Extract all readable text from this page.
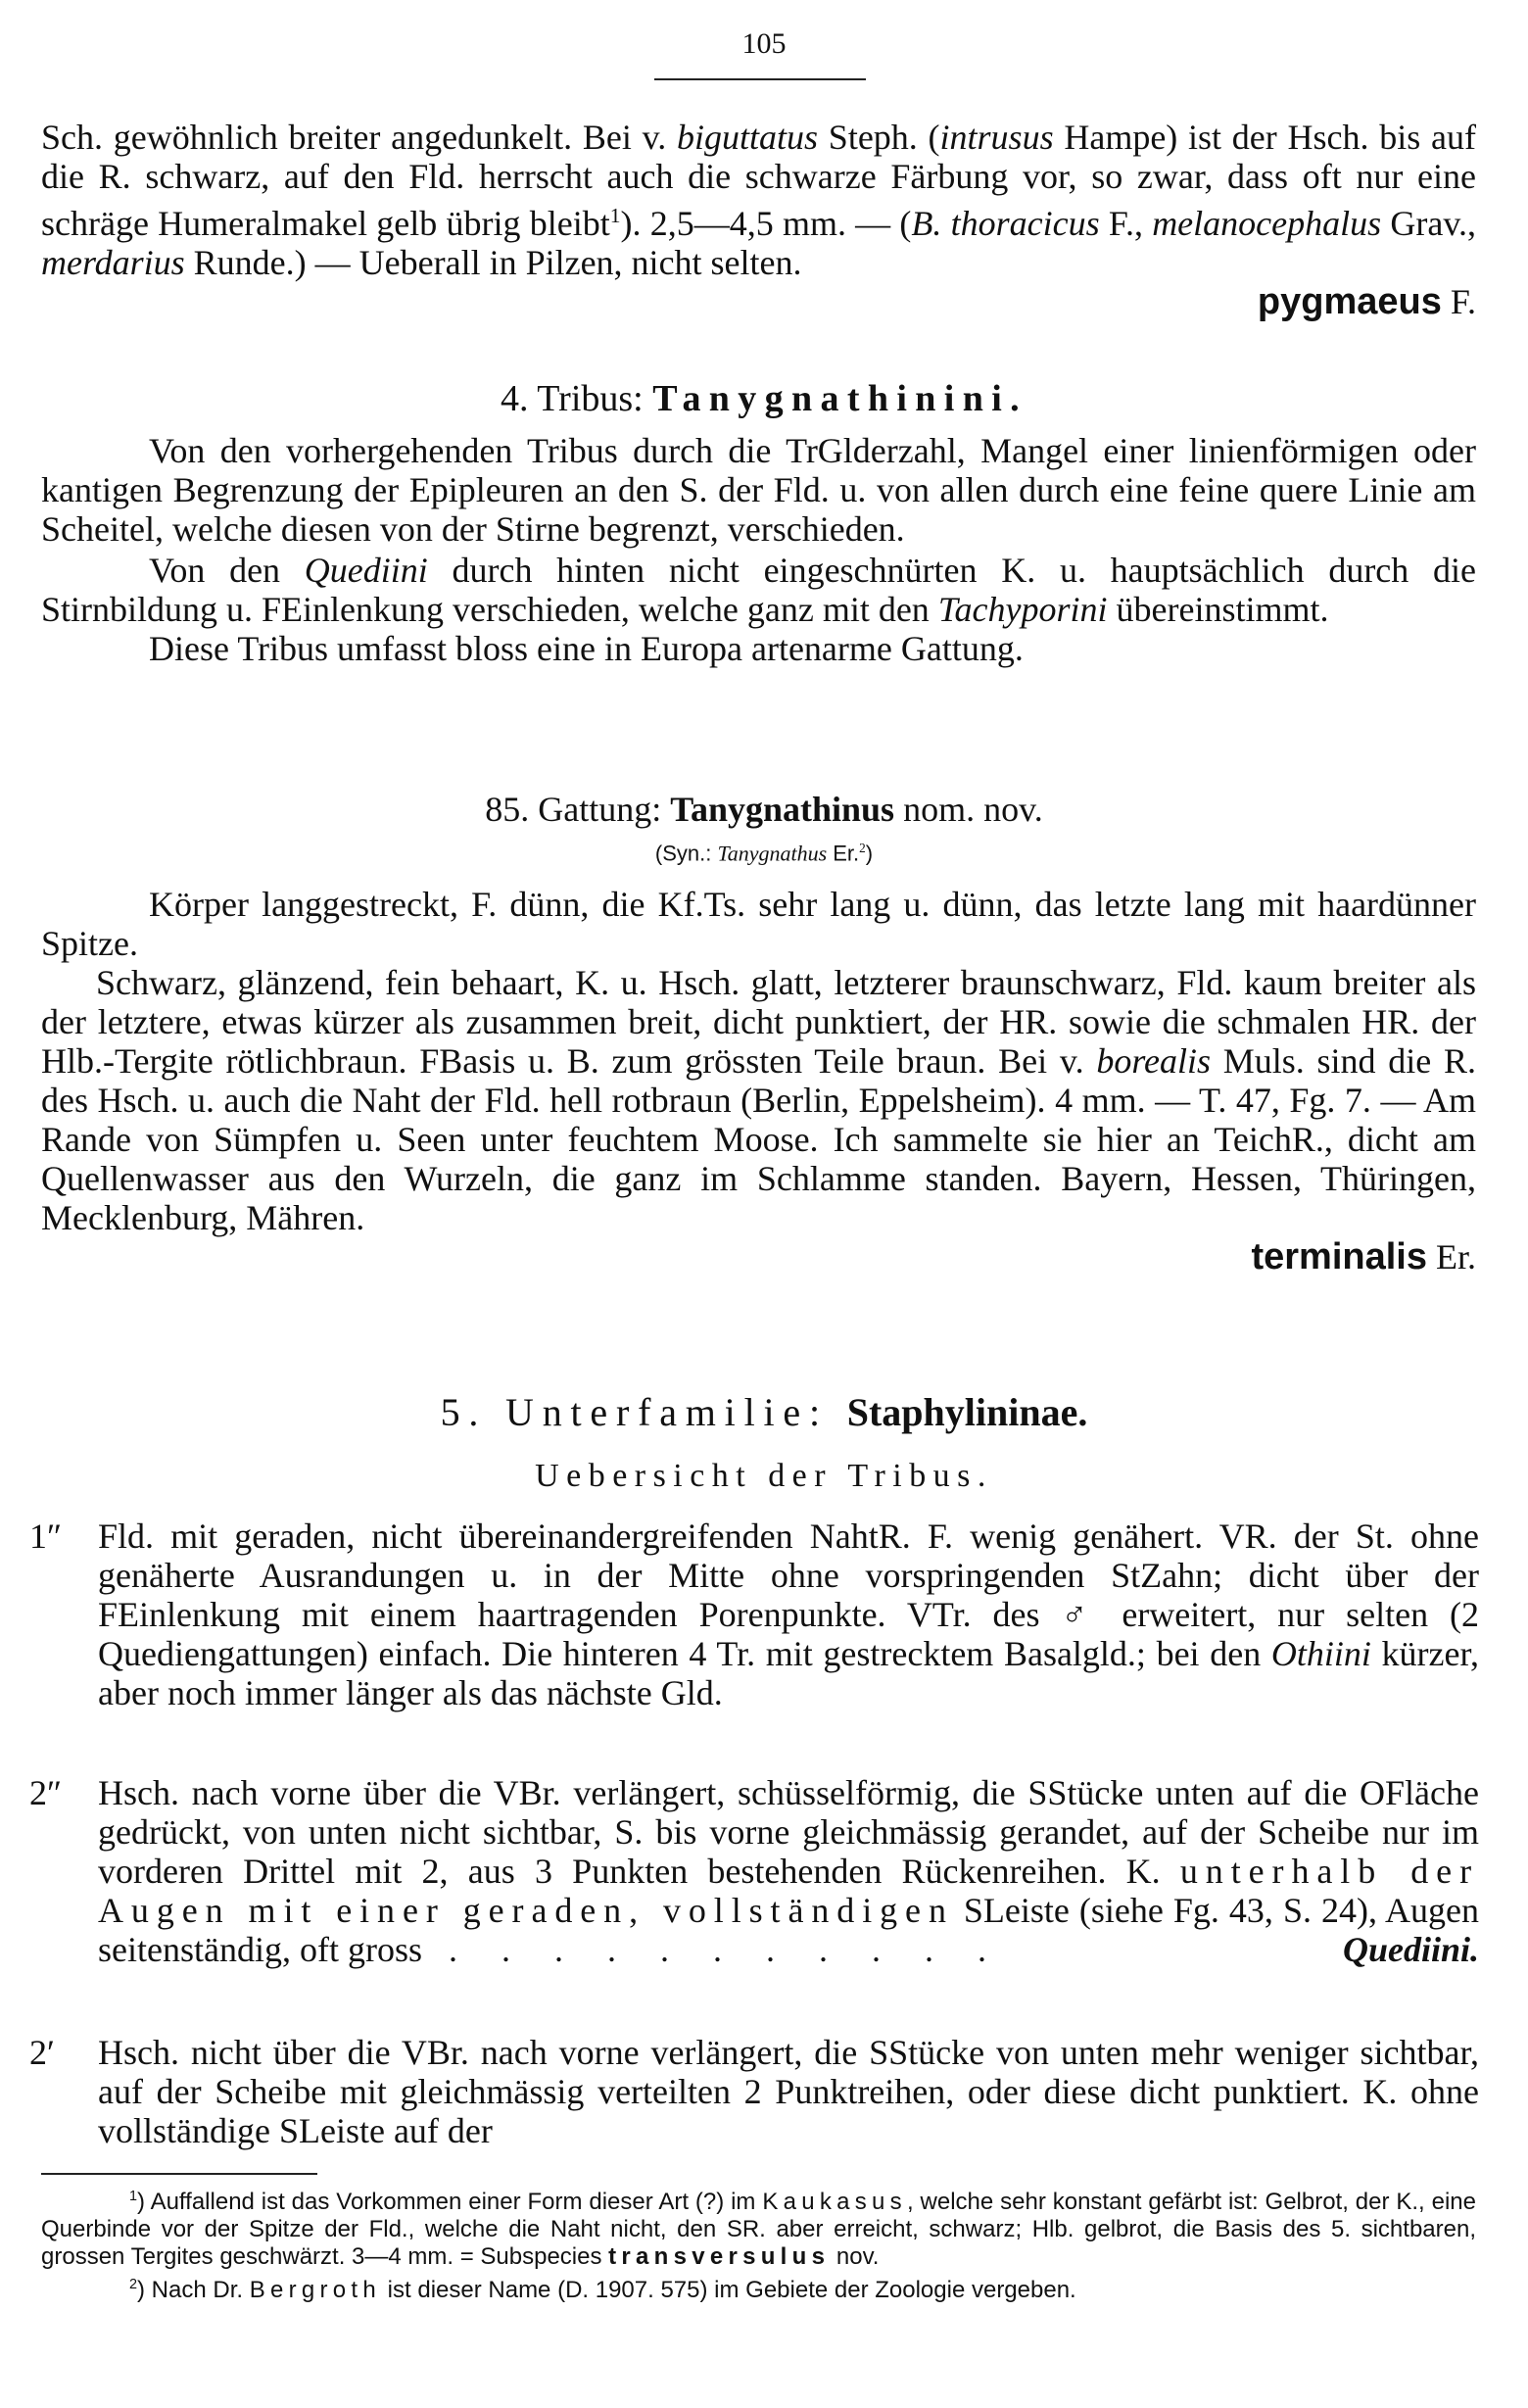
105

Sch. gewöhnlich breiter angedunkelt. Bei v. biguttatus Steph. (intrusus Hampe) ist der Hsch. bis auf die R. schwarz, auf den Fld. herrscht auch die schwarze Färbung vor, so zwar, dass oft nur eine schräge Humeralmakel gelb übrig bleibt$^1$). 2,5—4,5 mm. — (B. thoracicus F., melanocephalus Grav., merdarius Runde.) — Ueberall in Pilzen, nicht selten.

pygmaeus F.

4. Tribus: Tanygnathinini.

Von den vorhergehenden Tribus durch die TrGlderzahl, Mangel einer linienförmigen oder kantigen Begrenzung der Epipleuren an den S. der Fld. u. von allen durch eine feine quere Linie am Scheitel, welche diesen von der Stirne begrenzt, verschieden.

Von den Quediini durch hinten nicht eingeschnürten K. u. hauptsächlich durch die Stirnbildung u. FEinlenkung verschieden, welche ganz mit den Tachyporini übereinstimmt.

Diese Tribus umfasst bloss eine in Europa artenarme Gattung.

85. Gattung: Tanygnathinus nom. nov.
(Syn.: Tanygnathus Er.$^2$)

Körper langgestreckt, F. dünn, die Kf.Ts. sehr lang u. dünn, das letzte lang mit haardünner Spitze.

Schwarz, glänzend, fein behaart, K. u. Hsch. glatt, letzterer braunschwarz, Fld. kaum breiter als der letztere, etwas kürzer als zusammen breit, dicht punktiert, der HR. sowie die schmalen HR. der Hlb.-Tergite rötlichbraun. FBasis u. B. zum grössten Teile braun. Bei v. borealis Muls. sind die R. des Hsch. u. auch die Naht der Fld. hell rotbraun (Berlin, Eppelsheim). 4 mm. — T. 47, Fg. 7. — Am Rande von Sümpfen u. Seen unter feuchtem Moose. Ich sammelte sie hier an TeichR., dicht am Quellenwasser aus den Wurzeln, die ganz im Schlamme standen. Bayern, Hessen, Thüringen, Mecklenburg, Mähren.

terminalis Er.

5. Unterfamilie: Staphylininae.
Uebersicht der Tribus.
1″	Fld. mit geraden, nicht übereinandergreifenden NahtR. F. wenig genähert. VR. der St. ohne genäherte Ausrandungen u. in der Mitte ohne vorspringenden StZahn; dicht über der FEinlenkung mit einem haartragenden Porenpunkte. VTr. des ♂ erweitert, nur selten (2 Quediengattungen) einfach. Die hinteren 4 Tr. mit gestrecktem Basalgld.; bei den Othiini kürzer, aber noch immer länger als das nächste Gld.
2″	Hsch. nach vorne über die VBr. verlängert, schüsselförmig, die SStücke unten auf die OFläche gedrückt, von unten nicht sichtbar, S. bis vorne gleichmässig gerandet, auf der Scheibe nur im vorderen Drittel mit 2, aus 3 Punkten bestehenden Rückenreihen. K. unterhalb der Augen mit einer geraden, vollständigen SLeiste (siehe Fg. 43, S. 24), Augen seitenständig, oft gross . . . . . . . . . . .	Quediini.
2′	Hsch. nicht über die VBr. nach vorne verlängert, die SStücke von unten mehr weniger sichtbar, auf der Scheibe mit gleichmässig verteilten 2 Punktreihen, oder diese dicht punktiert. K. ohne vollständige SLeiste auf der

$^1$) Auffallend ist das Vorkommen einer Form dieser Art (?) im Kaukasus, welche sehr konstant gefärbt ist: Gelbrot, der K., eine Querbinde vor der Spitze der Fld., welche die Naht nicht, den SR. aber erreicht, schwarz; Hlb. gelbrot, die Basis des 5. sichtbaren, grossen Tergites geschwärzt. 3—4 mm. = Subspecies transversulus nov.

$^2$) Nach Dr. Bergroth ist dieser Name (D. 1907. 575) im Gebiete der Zoologie vergeben.
